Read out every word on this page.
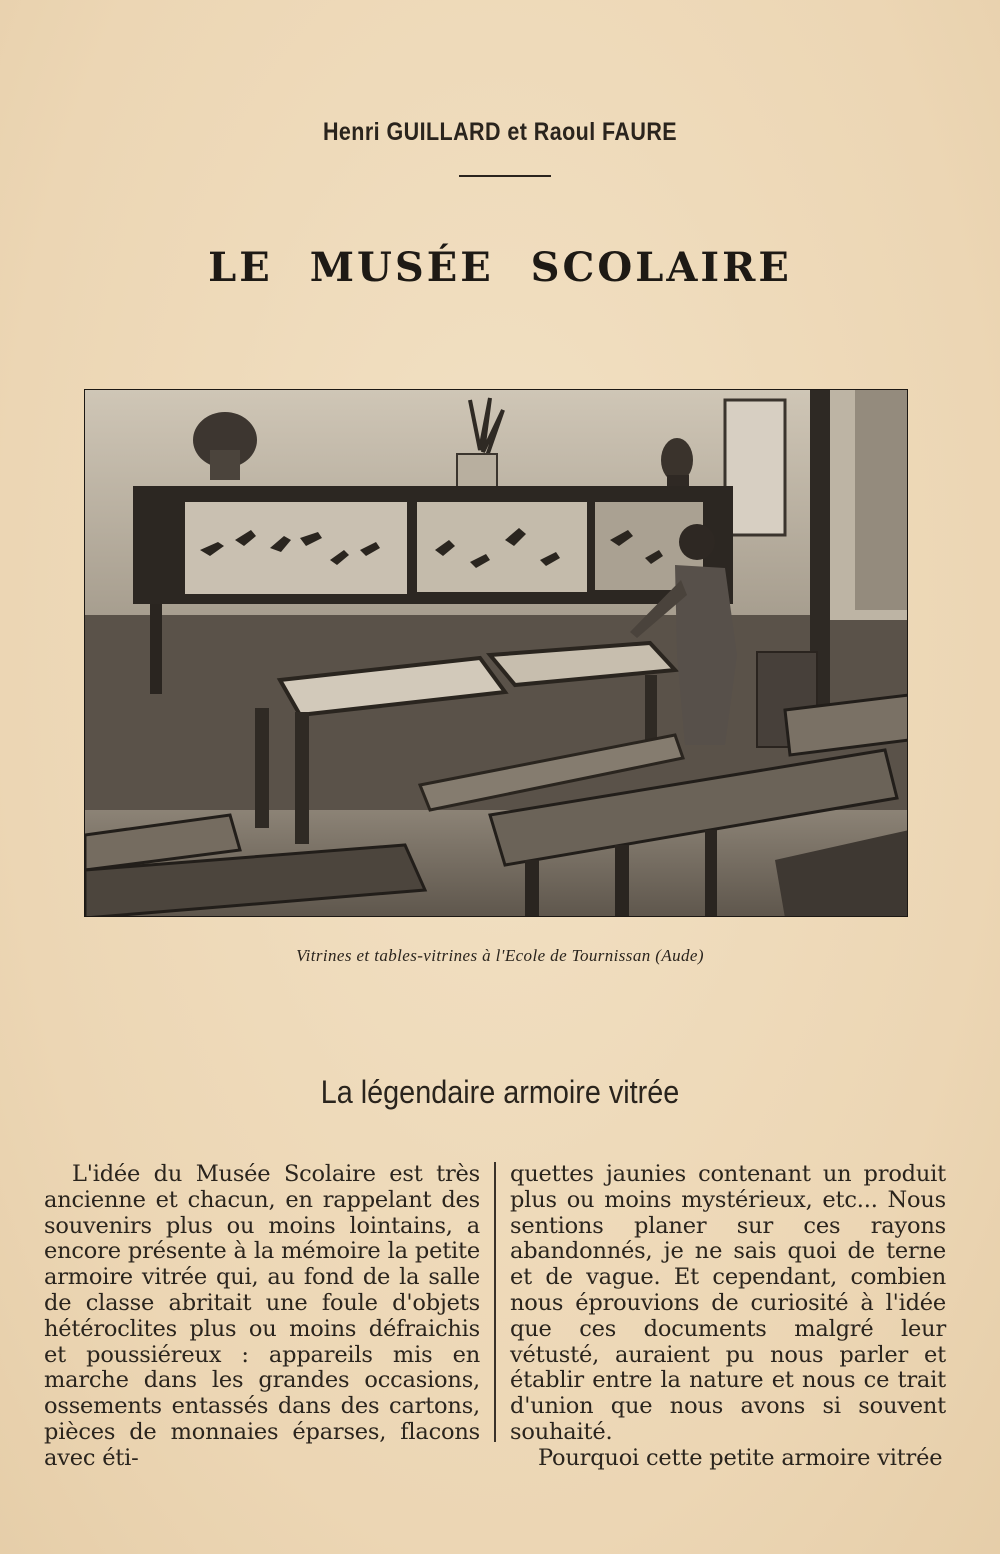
Henri GUILLARD et Raoul FAURE
LE MUSÉE SCOLAIRE
Vitrines et tables-vitrines à l'Ecole de Tournissan (Aude)
La légendaire armoire vitrée

L'idée du Musée Scolaire est très ancienne et chacun, en rappelant des souvenirs plus ou moins lointains, a encore présente à la mémoire la petite armoire vitrée qui, au fond de la salle de classe abritait une foule d'objets hétéroclites plus ou moins défraichis et poussiéreux : appareils mis en marche dans les grandes occasions, ossements entassés dans des cartons, pièces de monnaies éparses, flacons avec éti-

quettes jaunies contenant un produit plus ou moins mystérieux, etc... Nous sentions planer sur ces rayons abandonnés, je ne sais quoi de terne et de vague. Et cependant, combien nous éprouvions de curiosité à l'idée que ces documents malgré leur vétusté, auraient pu nous parler et établir entre la nature et nous ce trait d'union que nous avons si souvent souhaité.

Pourquoi cette petite armoire vitrée
